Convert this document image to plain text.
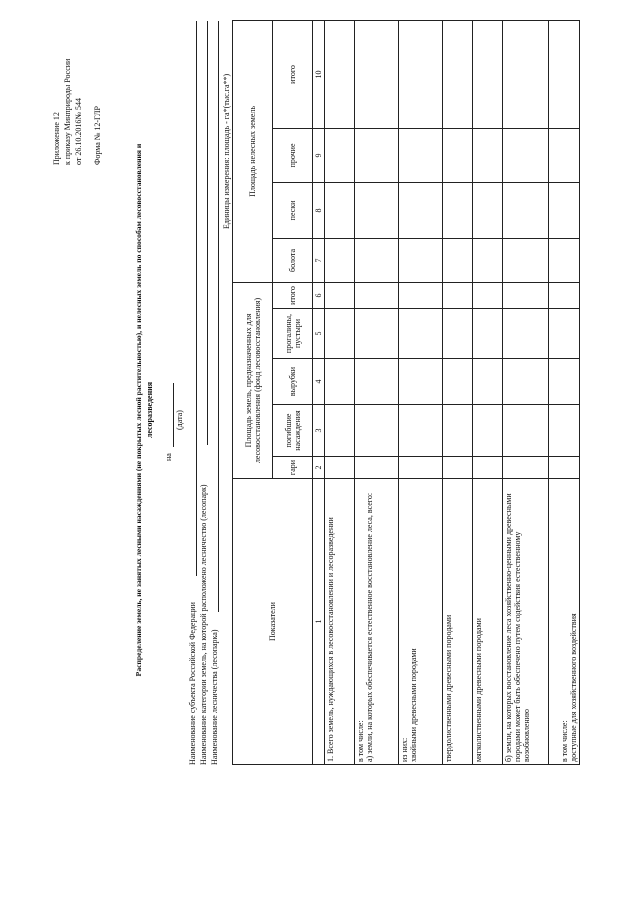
Приложение 12 к приказу Минприроды России от 26.10.2016№ 544 Форма № 12-ГЛР
Распределение земель, не занятых лесными насаждениями (не покрытых лесной растительностью), и нелесных земель по способам лесовосстановления и лесоразведения
на
(дата)
Наименование субъекта Российской Федерации Наименование категории земель, на которой расположено лесничество (лесопарк) Наименование лесничества (лесопарка)
Единицы измерения: площадь - га*(тыс.га**)
Показатели	Площадь земель, предназначенных для лесовосстановления (фонд лесовосстановления)					Площадь нелесных земель			
	гари	погибшие насаждения	вырубки	прогалины, пустыри	итого	болота	пески	прочие	итого
1	2	3	4	5	6	7	8	9	10
1. Всего земель, нуждающихся в лесовосстановлении и лесоразведении									
в том числе:
а) земли, на которых обеспечивается естественное восстановление леса, всего:									
из них:
хвойными древесными породами									
твердолиственными древесными породами									
мягколиственными древесными породами									
б) земли, на которых восстановление леса хозяйственно-ценными древесными породами может быть обеспечено путем содействия естественному возобновлению									
в том числе:
доступные для хозяйственного воздействия									
